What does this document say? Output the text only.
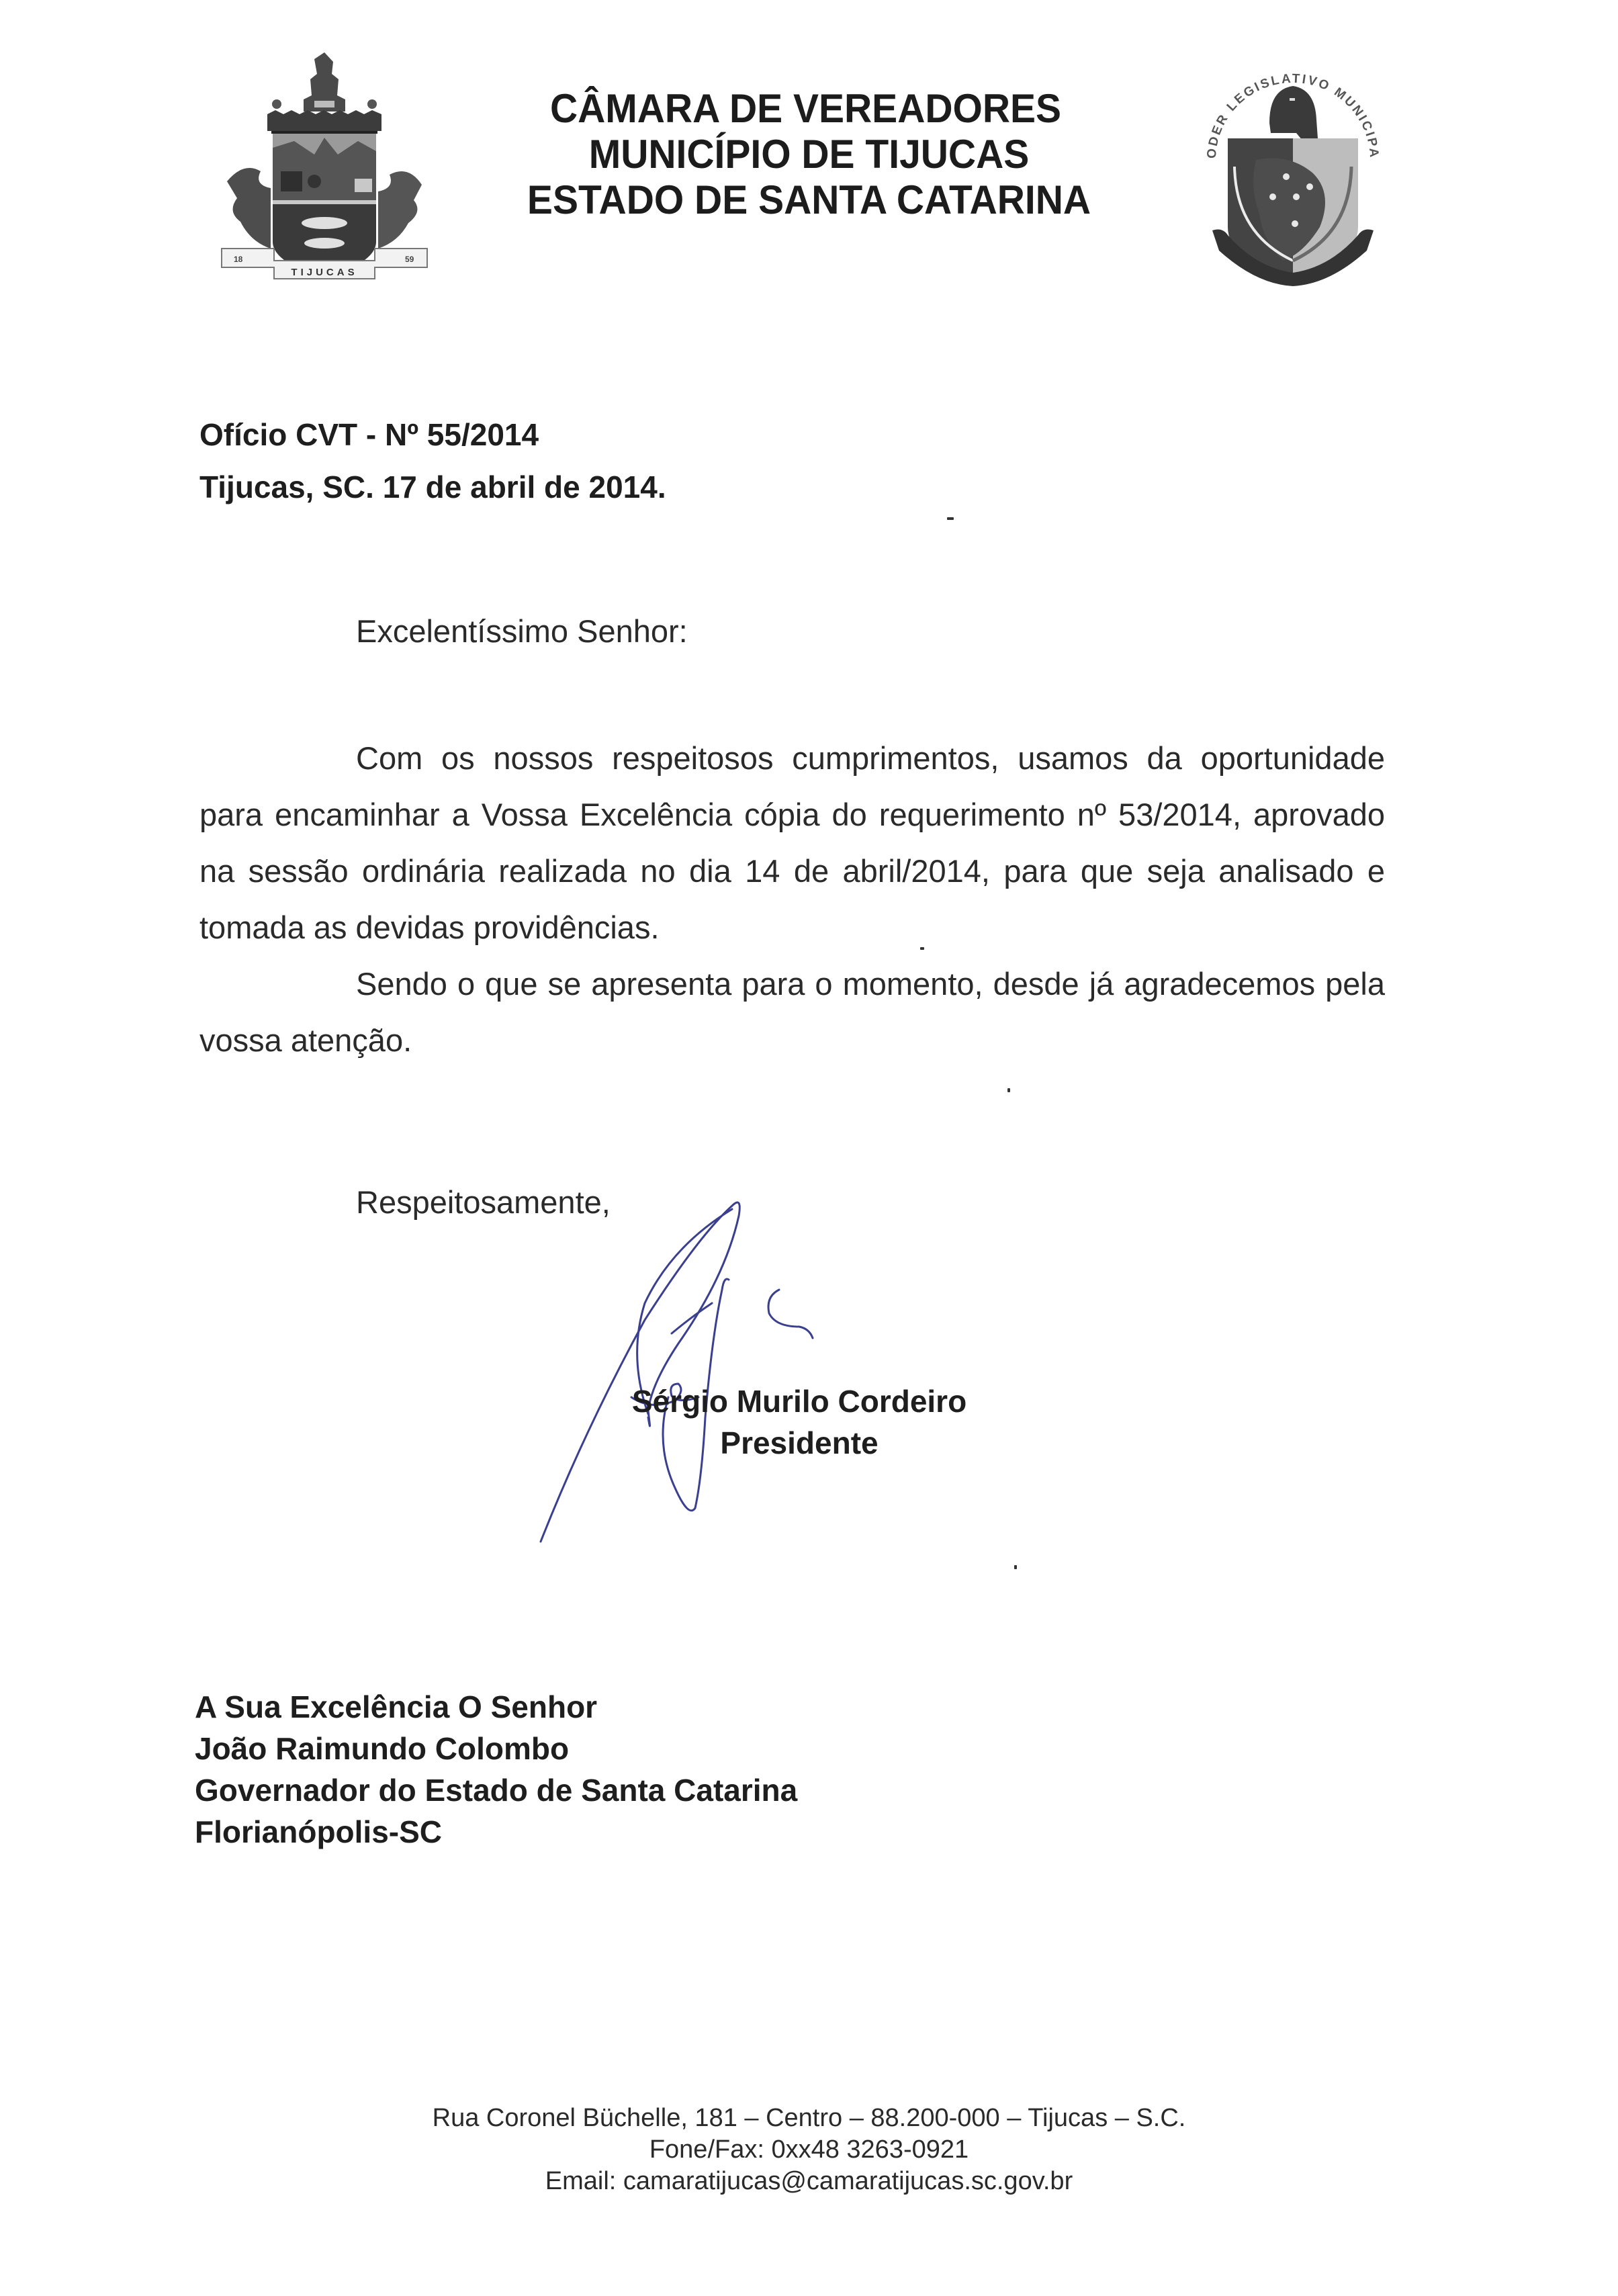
18	59
TIJUCAS
CÂMARA DE VEREADORES
MUNICÍPIO DE TIJUCAS
ESTADO DE SANTA CATARINA
ODER LEGISLATIVO MUNICIPA
Ofício CVT - Nº 55/2014
Tijucas, SC. 17 de abril de 2014.
Excelentíssimo Senhor:

Com os nossos respeitosos cumprimentos, usamos da oportunidade para encaminhar a Vossa Excelência cópia do requerimento nº 53/2014, aprovado na sessão ordinária realizada no dia 14 de abril/2014, para que seja analisado e tomada as devidas providências.

Sendo o que se apresenta para o momento, desde já agradecemos pela vossa atenção.

Respeitosamente,
Sérgio Murilo Cordeiro
Presidente
A Sua Excelência O Senhor
João Raimundo Colombo
Governador do Estado de Santa Catarina
Florianópolis-SC
Rua Coronel Büchelle, 181 – Centro – 88.200-000 – Tijucas – S.C.
Fone/Fax: 0xx48 3263-0921
Email: camaratijucas@camaratijucas.sc.gov.br
